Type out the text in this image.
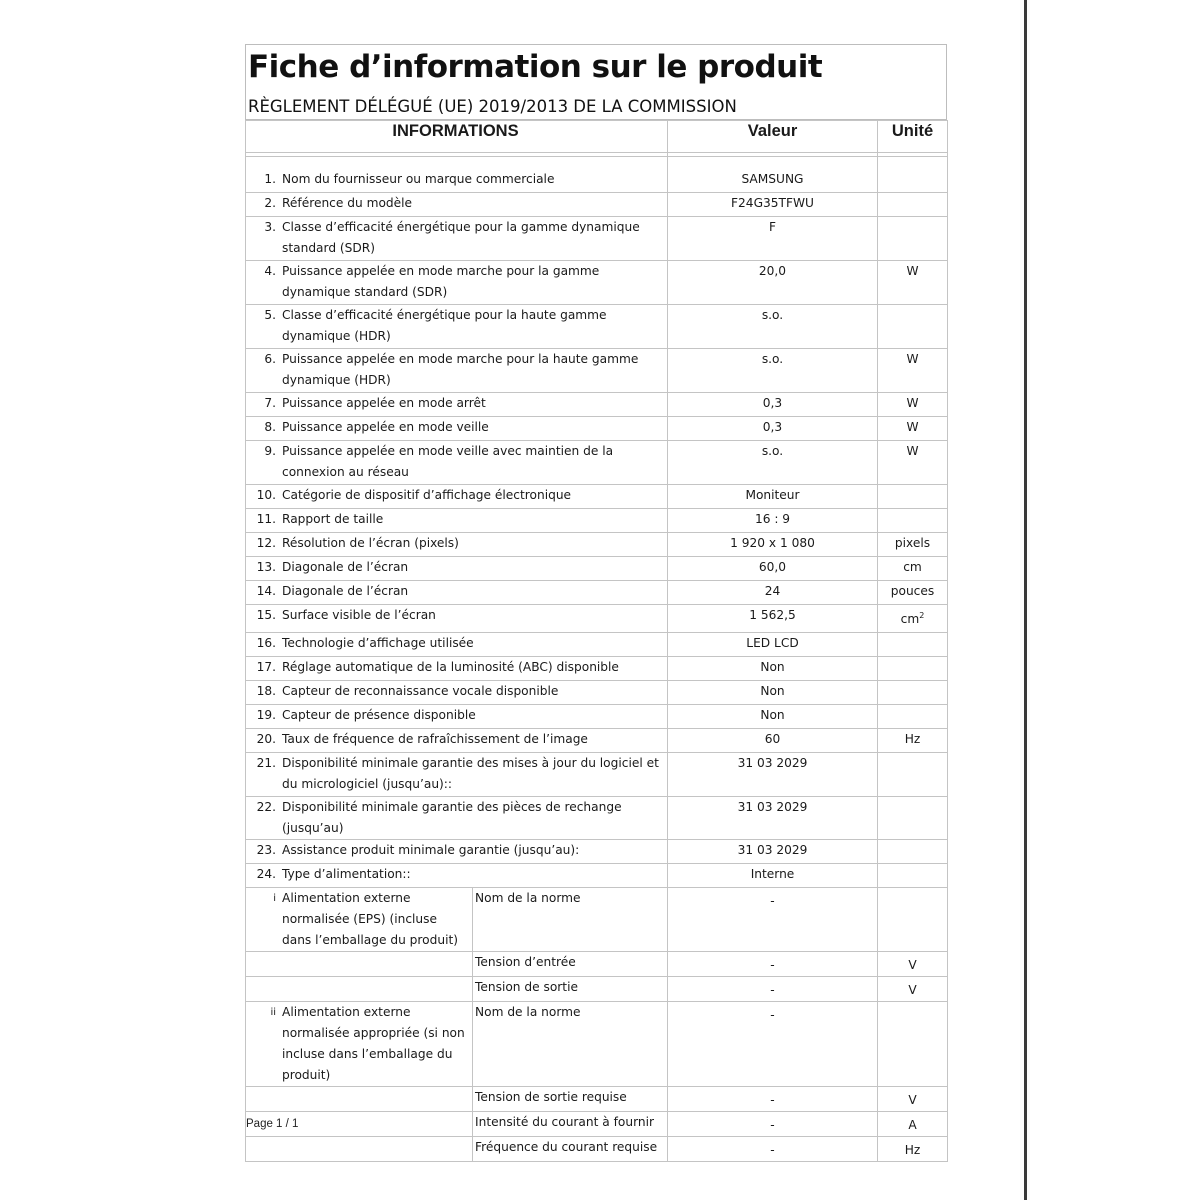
Fiche d’information sur le produit
RÈGLEMENT DÉLÉGUÉ (UE) 2019/2013 DE LA COMMISSION
INFORMATIONS		Valeur	Unité

1. Nom du fournisseur ou marque commerciale		SAMSUNG	

2. Référence du modèle		F24G35TFWU	

3. Classe d’efficacité énergétique pour la gamme dynamique standard (SDR)		F	

4. Puissance appelée en mode marche pour la gamme dynamique standard (SDR)		20,0	W

5. Classe d’efficacité énergétique pour la haute gamme dynamique (HDR)		s.o.	

6. Puissance appelée en mode marche pour la haute gamme dynamique (HDR)		s.o.	W

7. Puissance appelée en mode arrêt		0,3	W

8. Puissance appelée en mode veille		0,3	W

9. Puissance appelée en mode veille avec maintien de la connexion au réseau		s.o.	W

10. Catégorie de dispositif d’affichage électronique		Moniteur	

11. Rapport de taille		16 : 9	

12. Résolution de l’écran (pixels)		1 920 x 1 080	pixels

13. Diagonale de l’écran		60,0	cm

14. Diagonale de l’écran		24	pouces

15. Surface visible de l’écran		1 562,5	$cm^2$

16. Technologie d’affichage utilisée		LED LCD	

17. Réglage automatique de la luminosité (ABC) disponible		Non	

18. Capteur de reconnaissance vocale disponible		Non	

19. Capteur de présence disponible		Non	

20. Taux de fréquence de rafraîchissement de l’image		60	Hz

21. Disponibilité minimale garantie des mises à jour du logiciel et du micrologiciel (jusqu’au)::		31 03 2029	

22. Disponibilité minimale garantie des pièces de rechange (jusqu’au)		31 03 2029	

23. Assistance produit minimale garantie (jusqu’au):		31 03 2029	

24. Type d’alimentation::		Interne	

i Alimentation externe normalisée (EPS) (incluse dans l’emballage du produit)	Nom de la norme	-	
	Tension d’entrée	-	V
	Tension de sortie	-	V

ii Alimentation externe normalisée appropriée (si non incluse dans l’emballage du produit)	Nom de la norme	-	
	Tension de sortie requise	-	V
	Intensité du courant à fournir	-	A
	Fréquence du courant requise	-	Hz
Page 1 / 1
